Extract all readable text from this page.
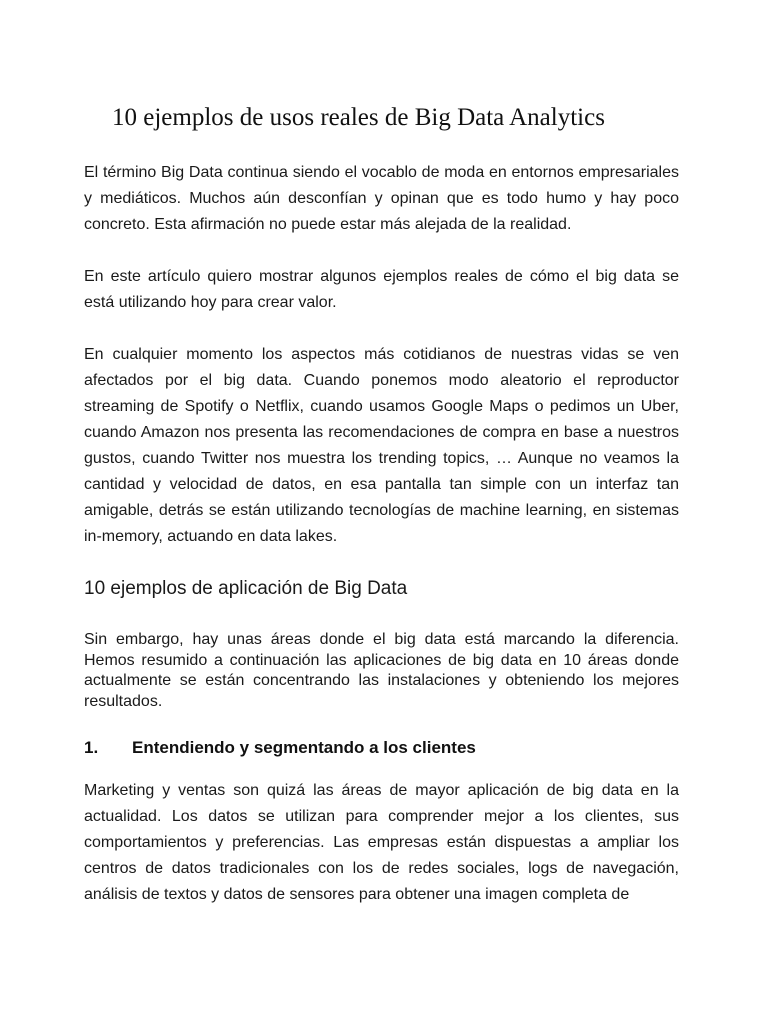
10 ejemplos de usos reales de Big Data Analytics

El término Big Data continua siendo el vocablo de moda en entornos empresariales y mediáticos. Muchos aún desconfían y opinan que es todo humo y hay poco concreto. Esta afirmación no puede estar más alejada de la realidad.

En este artículo quiero mostrar algunos ejemplos reales de cómo el big data se está utilizando hoy para crear valor.

En cualquier momento los aspectos más cotidianos de nuestras vidas se ven afectados por el big data. Cuando ponemos modo aleatorio el reproductor streaming de Spotify o Netflix, cuando usamos Google Maps o pedimos un Uber, cuando Amazon nos presenta las recomendaciones de compra en base a nuestros gustos, cuando Twitter nos muestra los trending topics, … Aunque no veamos la cantidad y velocidad de datos, en esa pantalla tan simple con un interfaz tan amigable, detrás se están utilizando tecnologías de machine learning, en sistemas in-memory, actuando en data lakes.

10 ejemplos de aplicación de Big Data

Sin embargo, hay unas áreas donde el big data está marcando la diferencia. Hemos resumido a continuación las aplicaciones de big data en 10 áreas donde actualmente se están concentrando las instalaciones y obteniendo los mejores resultados.

1. Entendiendo y segmentando a los clientes

Marketing y ventas son quizá las áreas de mayor aplicación de big data en la actualidad. Los datos se utilizan para comprender mejor a los clientes, sus comportamientos y preferencias. Las empresas están dispuestas a ampliar los centros de datos tradicionales con los de redes sociales, logs de navegación, análisis de textos y datos de sensores para obtener una imagen completa de
